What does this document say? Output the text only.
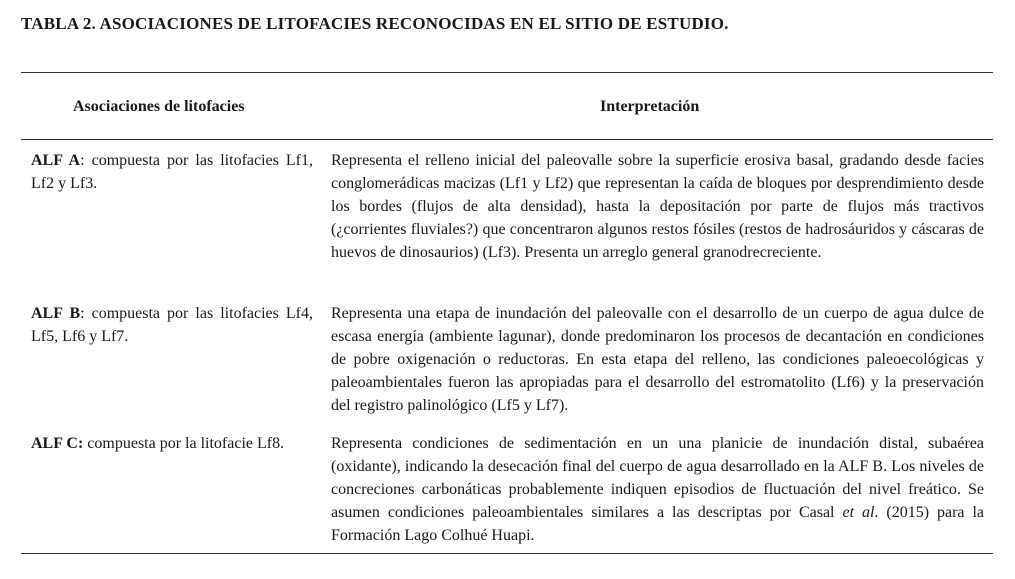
TABLA 2. ASOCIACIONES DE LITOFACIES RECONOCIDAS EN EL SITIO DE ESTUDIO.
Asociaciones de litofacies	Interpretación

ALF A: compuesta por las litofacies Lf1, Lf2 y Lf3.

Representa el relleno inicial del paleovalle sobre la superficie erosiva basal, gradando desde facies conglomerádicas macizas (Lf1 y Lf2) que representan la caída de bloques por desprendimiento desde los bordes (flujos de alta densidad), hasta la depositación por parte de flujos más tractivos (¿corrientes fluviales?) que concentraron algunos restos fósiles (restos de hadrosáuridos y cáscaras de huevos de dinosaurios) (Lf3). Presenta un arreglo general granodrecreciente.

ALF B: compuesta por las litofacies Lf4, Lf5, Lf6 y Lf7.

Representa una etapa de inundación del paleovalle con el desarrollo de un cuerpo de agua dulce de escasa energía (ambiente lagunar), donde predominaron los procesos de decantación en condiciones de pobre oxigenación o reductoras. En esta etapa del relleno, las condiciones paleoecológicas y paleoambientales fueron las apropiadas para el desarrollo del estromatolito (Lf6) y la preservación del registro palinológico (Lf5 y Lf7).

ALF C: compuesta por la litofacie Lf8.	Representa condiciones de sedimentación en un una planicie de inundación distal, subaérea (oxidante), indicando la desecación final del cuerpo de agua desarrollado en la ALF B. Los niveles de concreciones carbonáticas probablemente indiquen episodios de fluctuación del nivel freático. Se asumen condiciones paleoambientales similares a las descriptas por Casal et al. (2015) para la Formación Lago Colhué Huapi.
